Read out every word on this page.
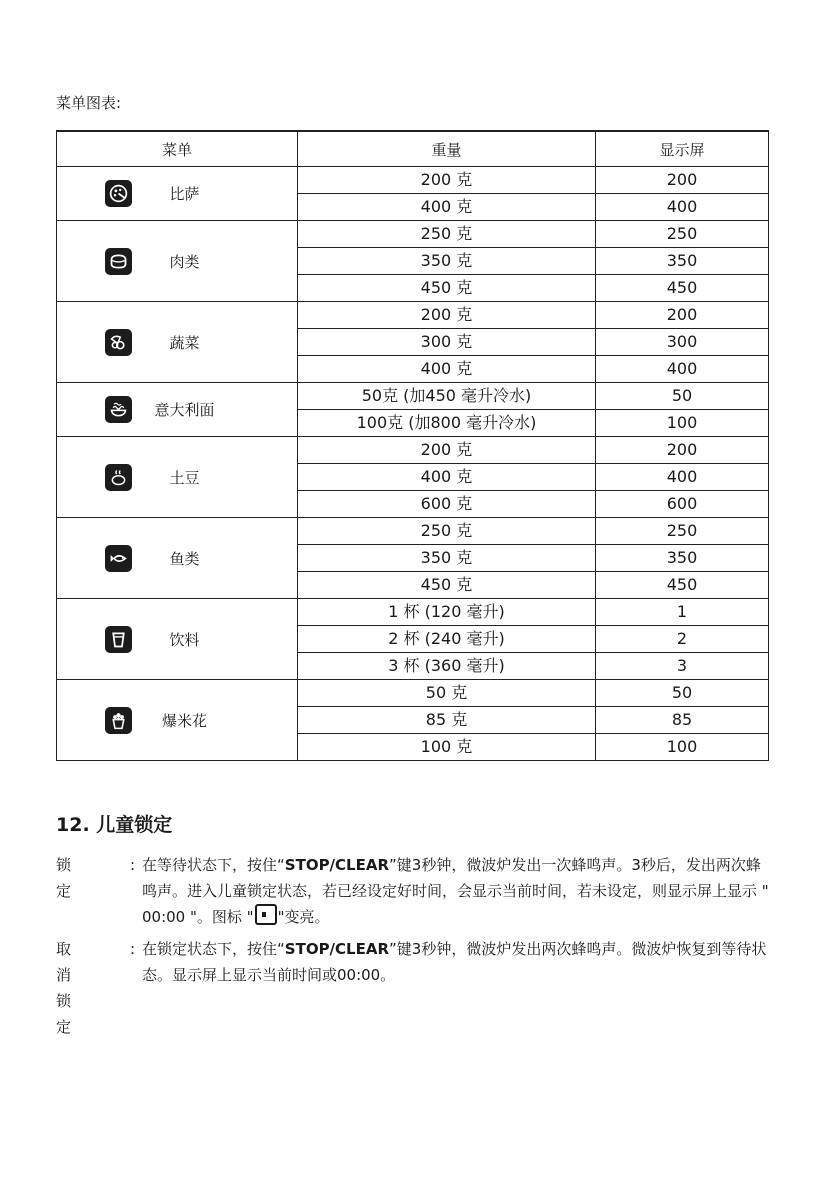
菜单图表:
菜单	重量	显示屏

比萨	200 克	200
	400 克	400

肉类	250 克	250
	350 克	350
	450 克	450

蔬菜	200 克	200
	300 克	300
	400 克	400

意大利面	50克 (加450 毫升冷水)	50
	100克 (加800 毫升冷水)	100

土豆	200 克	200
	400 克	400
	600 克	600

鱼类	250 克	250
	350 克	350
	450 克	450

饮料	1 杯 (120 毫升)	1
	2 杯 (240 毫升)	2
	3 杯 (360 毫升)	3

爆米花	50 克	50
	85 克	85
	100 克	100
12. 儿童锁定
锁定
: 在等待状态下，按住“STOP/CLEAR”键3秒钟，微波炉发出一次蜂鸣声。3秒后，发出两次蜂鸣声。进入儿童锁定状态，若已经设定好时间，会显示当前时间，若未设定，则显示屏上显示 " 00:00 "。图标 " "变亮。
取消锁定
: 在锁定状态下，按住“STOP/CLEAR”键3秒钟，微波炉发出两次蜂鸣声。微波炉恢复到等待状态。显示屏上显示当前时间或00:00。
